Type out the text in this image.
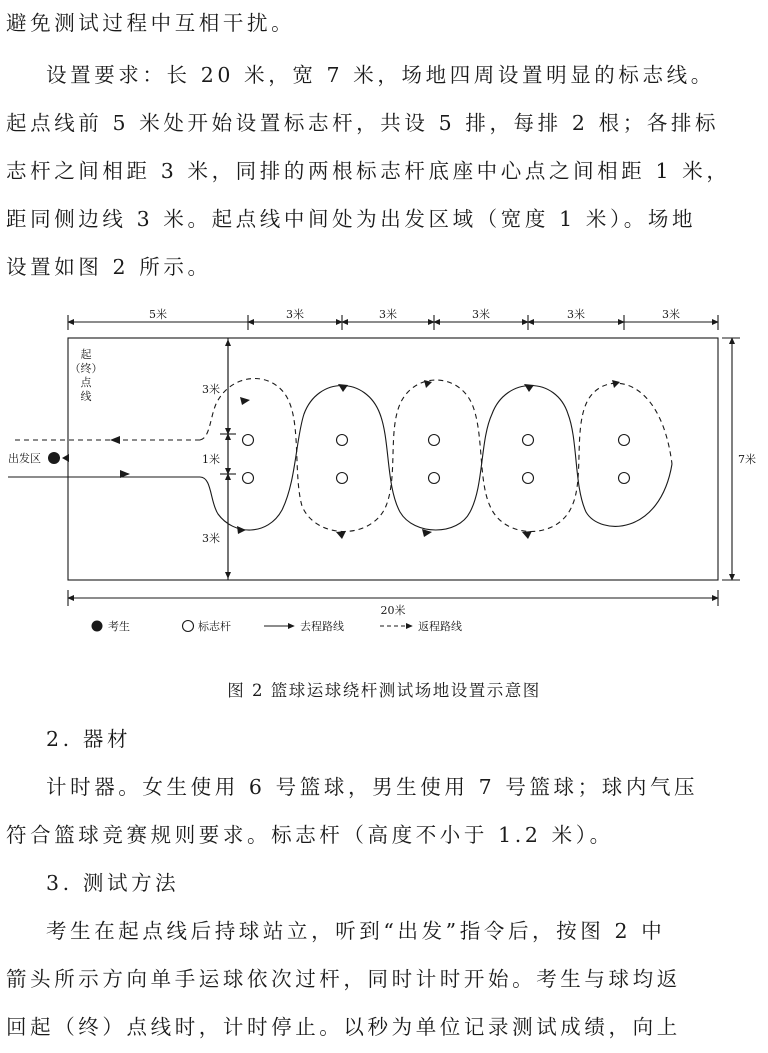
避免测试过程中互相干扰。
设置要求：长 20 米，宽 7 米，场地四周设置明显的标志线。
起点线前 5 米处开始设置标志杆，共设 5 排，每排 2 根；各排标
志杆之间相距 3 米，同排的两根标志杆底座中心点之间相距 1 米，
距同侧边线 3 米。起点线中间处为出发区域（宽度 1 米）。场地
设置如图 2 所示。
5米	3米	3米	3米	3米	3米
3米
1米
3米
7米
20米
起
（终）
点
线
出发区
考生	标志杆	去程路线	返程路线
图 2 篮球运球绕杆测试场地设置示意图
2. 器材
计时器。女生使用 6 号篮球，男生使用 7 号篮球；球内气压
符合篮球竞赛规则要求。标志杆（高度不小于 1.2 米）。
3. 测试方法
考生在起点线后持球站立，听到“出发”指令后，按图 2 中
箭头所示方向单手运球依次过杆，同时计时开始。考生与球均返
回起（终）点线时，计时停止。以秒为单位记录测试成绩，向上
